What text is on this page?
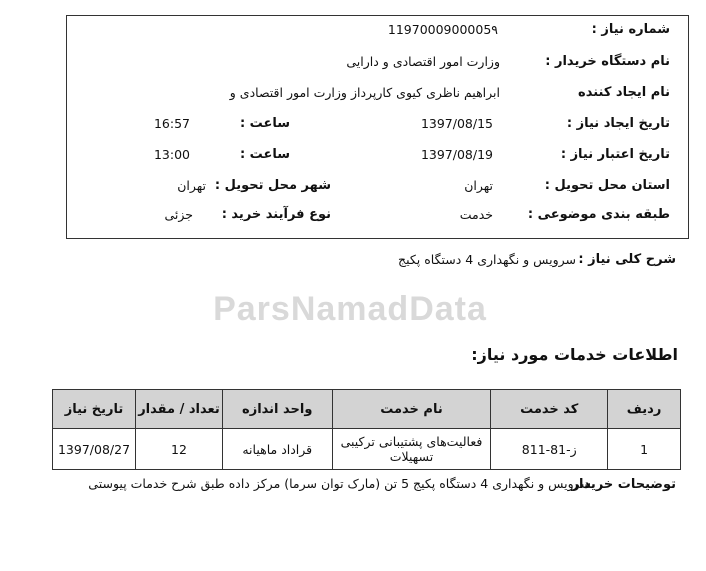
ParsNamadData
شماره نیاز :
1197000900005۹
نام دستگاه خریدار :
وزارت امور اقتصادی و دارایی
نام ایجاد کننده
ابراهیم ناظری کیوی کارپرداز وزارت امور اقتصادی و
تاریخ ایجاد نیاز :
1397/08/15
ساعت :
16:57
تاریخ اعتبار نیاز :
1397/08/19
ساعت :
13:00
استان محل تحویل :
تهران
شهر محل تحویل :
تهران
طبقه بندی موضوعی :
خدمت
نوع فرآیند خرید :
جزئی
شرح کلی نیاز :
سرویس و نگهداری 4 دستگاه پکیج
اطلاعات خدمات مورد نیاز:
ردیف	کد خدمت	نام خدمت	واحد اندازه	تعداد / مقدار	تاریخ نیاز
1	ز-81-811	فعالیت‌های پشتیبانی ترکیبی تسهیلات	قراداد ماهیانه	12	1397/08/27
توضیحات خریدار
سرویس و نگهداری 4 دستگاه پکیج 5 تن (مارک توان سرما) مرکز داده طبق شرح خدمات پیوستی
